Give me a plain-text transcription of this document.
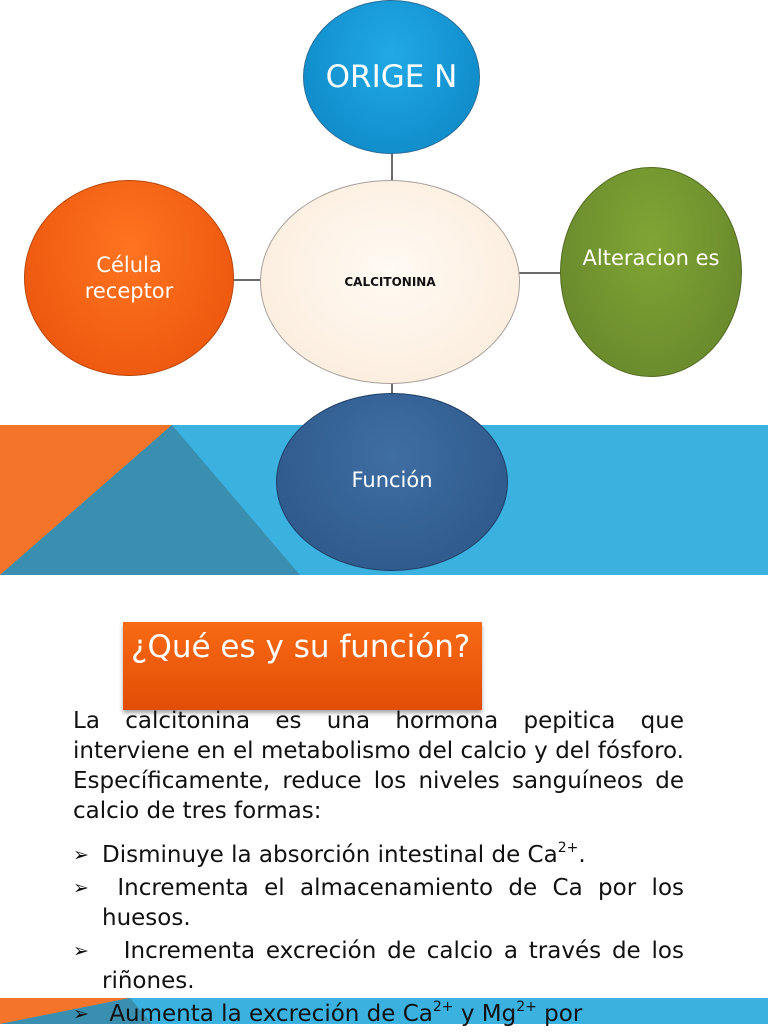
CALCITONINA
ORIGE N
Célula receptor
Alteracion es
Función
¿Qué es y su función?
La calcitonina es una hormona pepitica que interviene en el metabolismo del calcio y del fósforo. Específicamente, reduce los niveles sanguíneos de calcio de tres formas:
➢ Disminuye la absorción intestinal de $Ca^{2+}$.
➢ Incrementa el almacenamiento de Ca por los huesos.
➢ Incrementa excreción de calcio a través de los riñones.
➢ Aumenta la excreción de $Ca^{2+}$ y $Mg^{2+}$ por
